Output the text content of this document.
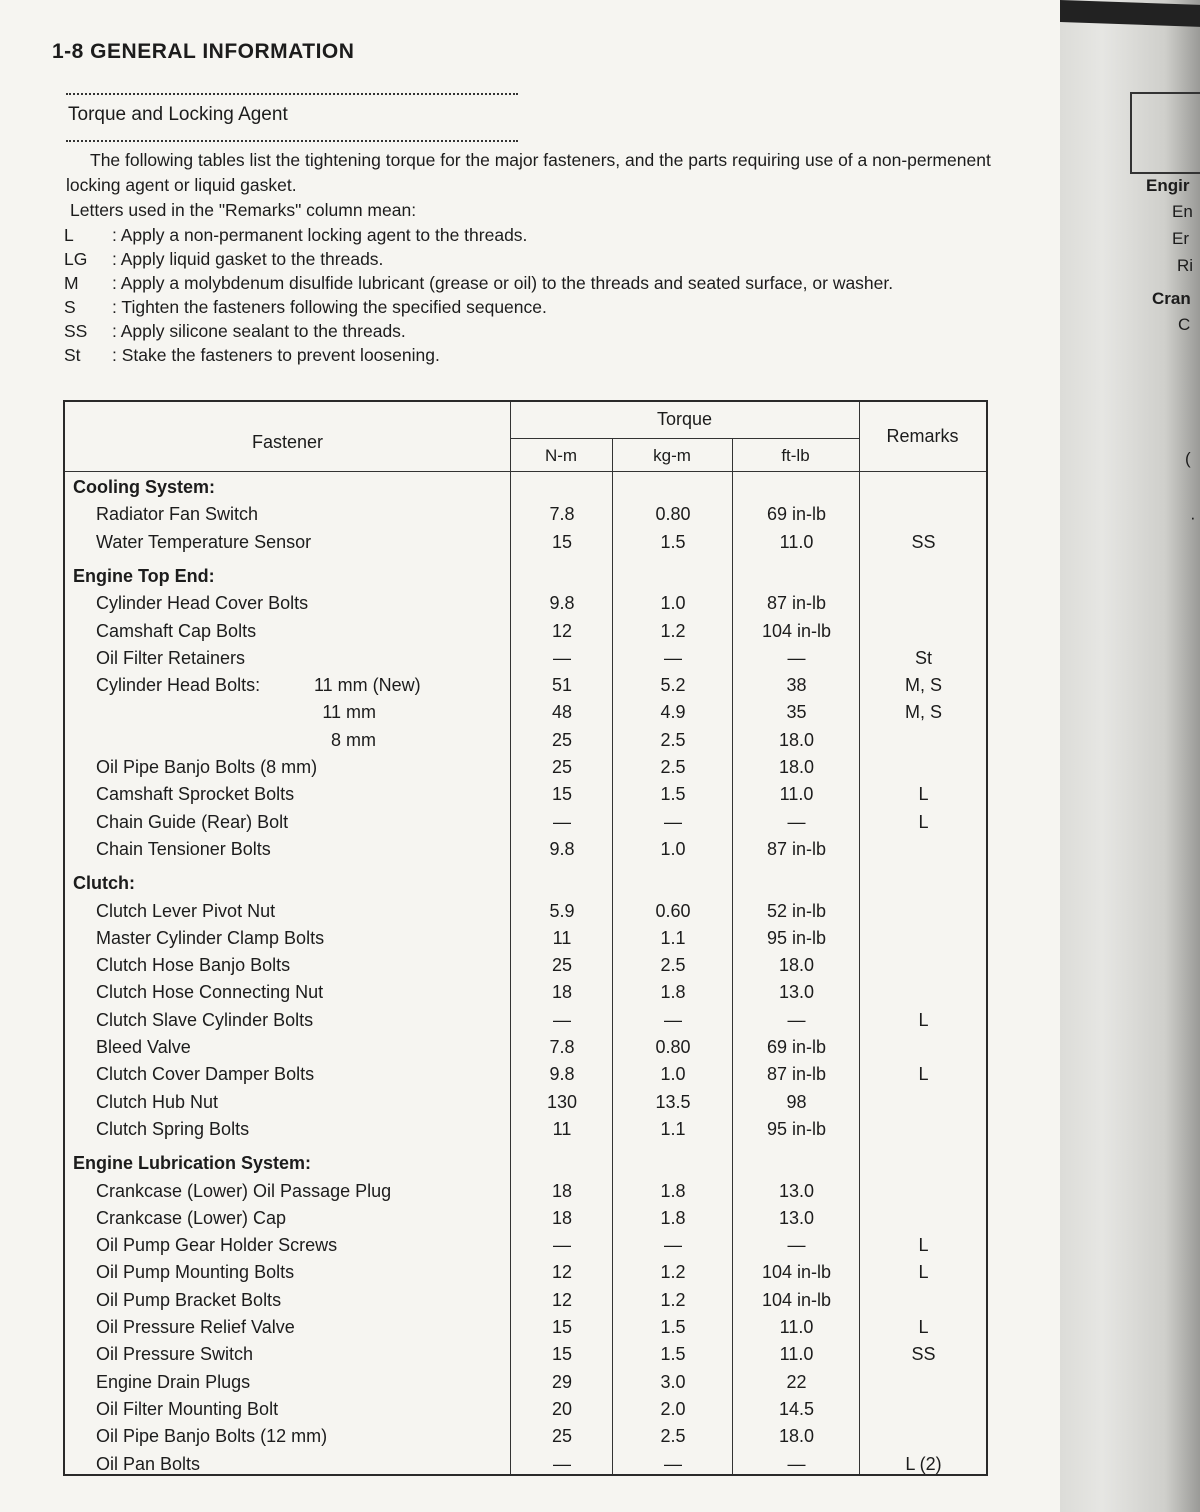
1-8 GENERAL INFORMATION
Torque and Locking Agent
The following tables list the tightening torque for the major fasteners, and the parts requiring use of a non-permenent locking agent or liquid gasket.
Letters used in the "Remarks" column mean:
L	: Apply a non-permanent locking agent to the threads.
LG	: Apply liquid gasket to the threads.
M	: Apply a molybdenum disulfide lubricant (grease or oil) to the threads and seated surface, or washer.
S	: Tighten the fasteners following the specified sequence.
SS	: Apply silicone sealant to the threads.
St	: Stake the fasteners to prevent loosening.
Fastener
Torque
N-m	kg-m	ft-lb
Remarks
Cooling System:
Radiator Fan Switch	7.8	0.80	69 in-lb
Water Temperature Sensor	15	1.5	11.0	SS
Engine Top End:
Cylinder Head Cover Bolts	9.8	1.0	87 in-lb
Camshaft Cap Bolts	12	1.2	104 in-lb
Oil Filter Retainers	—	—	—	St
Cylinder Head Bolts:	11 mm (New)	51	5.2	38	M, S
11 mm	48	4.9	35	M, S
8 mm	25	2.5	18.0
Oil Pipe Banjo Bolts (8 mm)	25	2.5	18.0
Camshaft Sprocket Bolts	15	1.5	11.0	L
Chain Guide (Rear) Bolt	—	—	—	L
Chain Tensioner Bolts	9.8	1.0	87 in-lb
Clutch:
Clutch Lever Pivot Nut	5.9	0.60	52 in-lb
Master Cylinder Clamp Bolts	11	1.1	95 in-lb
Clutch Hose Banjo Bolts	25	2.5	18.0
Clutch Hose Connecting Nut	18	1.8	13.0
Clutch Slave Cylinder Bolts	—	—	—	L
Bleed Valve	7.8	0.80	69 in-lb
Clutch Cover Damper Bolts	9.8	1.0	87 in-lb	L
Clutch Hub Nut	130	13.5	98
Clutch Spring Bolts	11	1.1	95 in-lb
Engine Lubrication System:
Crankcase (Lower) Oil Passage Plug	18	1.8	13.0
Crankcase (Lower) Cap	18	1.8	13.0
Oil Pump Gear Holder Screws	—	—	—	L
Oil Pump Mounting Bolts	12	1.2	104 in-lb	L
Oil Pump Bracket Bolts	12	1.2	104 in-lb
Oil Pressure Relief Valve	15	1.5	11.0	L
Oil Pressure Switch	15	1.5	11.0	SS
Engine Drain Plugs	29	3.0	22
Oil Filter Mounting Bolt	20	2.0	14.5
Oil Pipe Banjo Bolts (12 mm)	25	2.5	18.0
Oil Pan Bolts	—	—	—	L (2)
Engir
En
Er
Ri
Cran
C
(
·
